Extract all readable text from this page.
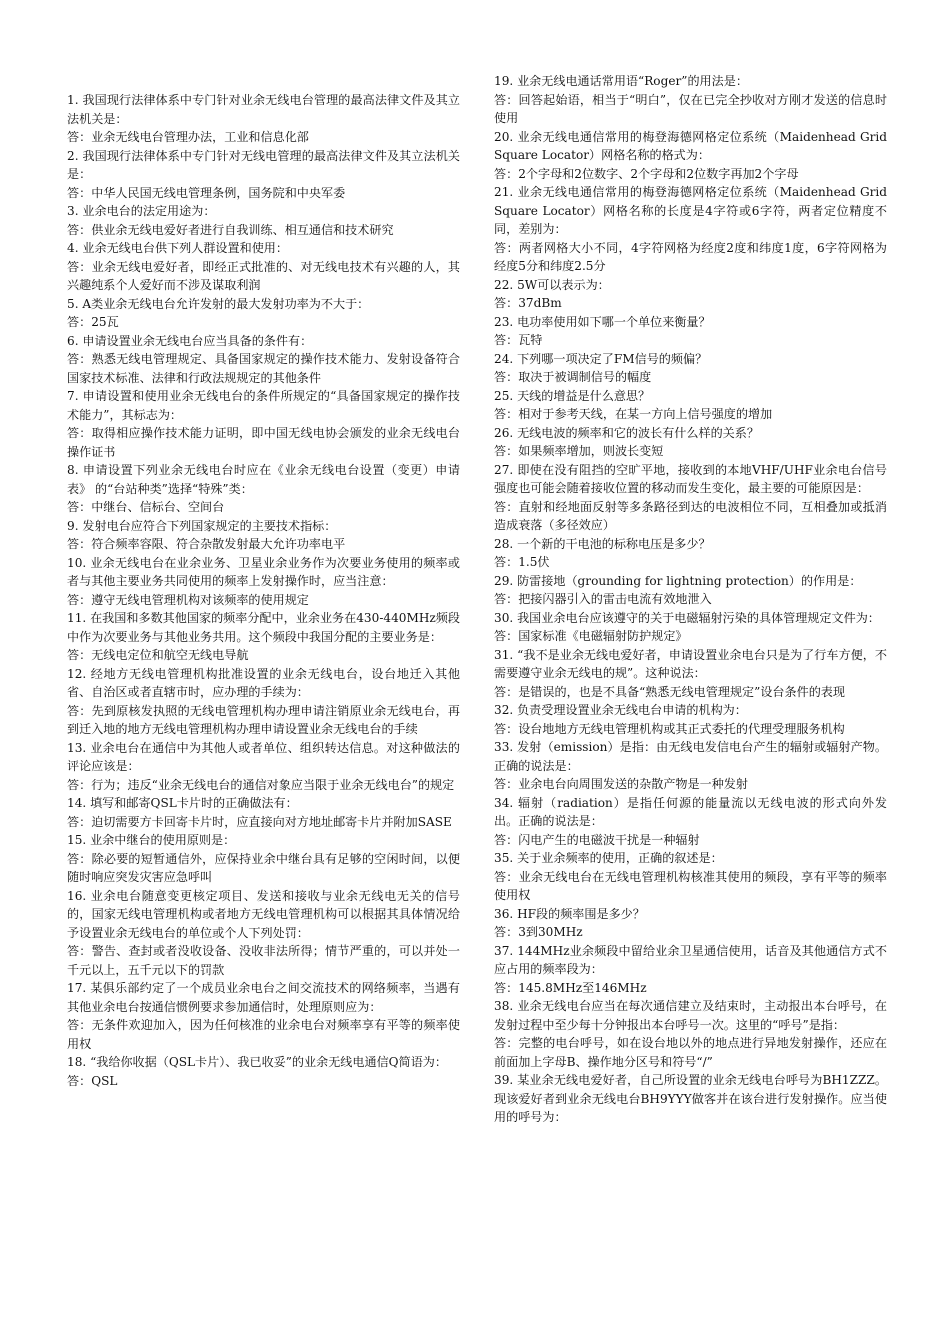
1. 我国现行法律体系中专门针对业余无线电台管理的最高法律文件及其立法机关是：

答：业余无线电台管理办法，工业和信息化部

2. 我国现行法律体系中专门针对无线电管理的最高法律文件及其立法机关是：

答：中华人民国无线电管理条例，国务院和中央军委

3. 业余电台的法定用途为：

答：供业余无线电爱好者进行自我训练、相互通信和技术研究

4. 业余无线电台供下列人群设置和使用：

答：业余无线电爱好者，即经正式批准的、对无线电技术有兴趣的人，其兴趣纯系个人爱好而不涉及谋取利润

5. A类业余无线电台允许发射的最大发射功率为不大于：

答：25瓦

6. 申请设置业余无线电台应当具备的条件有：

答：熟悉无线电管理规定、具备国家规定的操作技术能力、发射设备符合国家技术标准、法律和行政法规规定的其他条件

7. 申请设置和使用业余无线电台的条件所规定的“具备国家规定的操作技术能力”，其标志为：

答：取得相应操作技术能力证明，即中国无线电协会颁发的业余无线电台操作证书

8. 申请设置下列业余无线电台时应在《业余无线电台设置（变更）申请表》 的“台站种类”选择“特殊”类：

答：中继台、信标台、空间台

9. 发射电台应符合下列国家规定的主要技术指标：

答：符合频率容限、符合杂散发射最大允许功率电平

10. 业余无线电台在业余业务、卫星业余业务作为次要业务使用的频率或者与其他主要业务共同使用的频率上发射操作时，应当注意：

答：遵守无线电管理机构对该频率的使用规定

11. 在我国和多数其他国家的频率分配中，业余业务在430-440MHz频段中作为次要业务与其他业务共用。这个频段中我国分配的主要业务是：

答：无线电定位和航空无线电导航

12. 经地方无线电管理机构批准设置的业余无线电台，设台地迁入其他省、自治区或者直辖市时，应办理的手续为：

答：先到原核发执照的无线电管理机构办理申请注销原业余无线电台，再到迁入地的地方无线电管理机构办理申请设置业余无线电台的手续

13. 业余电台在通信中为其他人或者单位、组织转达信息。对这种做法的评论应该是：

答：行为；违反“业余无线电台的通信对象应当限于业余无线电台”的规定

14. 填写和邮寄QSL卡片时的正确做法有：

答：迫切需要方卡回寄卡片时，应直接向对方地址邮寄卡片并附加SASE

15. 业余中继台的使用原则是：

答：除必要的短暂通信外，应保持业余中继台具有足够的空闲时间，以便随时响应突发灾害应急呼叫

16. 业余电台随意变更核定项目、发送和接收与业余无线电无关的信号的，国家无线电管理机构或者地方无线电管理机构可以根据其具体情况给予设置业余无线电台的单位或个人下列处罚：

答：警告、查封或者没收设备、没收非法所得；情节严重的，可以并处一千元以上，五千元以下的罚款

17. 某俱乐部约定了一个成员业余电台之间交流技术的网络频率，当遇有其他业余电台按通信惯例要求参加通信时，处理原则应为：

答：无条件欢迎加入，因为任何核准的业余电台对频率享有平等的频率使用权

18. “我给你收据（QSL卡片）、我已收妥”的业余无线电通信Q简语为：

答：QSL

19. 业余无线电通话常用语“Roger”的用法是：

答：回答起始语，相当于“明白”，仅在已完全抄收对方刚才发送的信息时使用

20. 业余无线电通信常用的梅登海德网格定位系统（Maidenhead Grid Square Locator）网格名称的格式为：

答：2个字母和2位数字、2个字母和2位数字再加2个字母

21. 业余无线电通信常用的梅登海德网格定位系统（Maidenhead Grid Square Locator）网格名称的长度是4字符或6字符，两者定位精度不同，差别为：

答：两者网格大小不同，4字符网格为经度2度和纬度1度，6字符网格为经度5分和纬度2.5分

22. 5W可以表示为：

答：37dBm

23. 电功率使用如下哪一个单位来衡量？

答：瓦特

24. 下列哪一项决定了FM信号的频偏？

答：取决于被调制信号的幅度

25. 天线的增益是什么意思？

答：相对于参考天线，在某一方向上信号强度的增加

26. 无线电波的频率和它的波长有什么样的关系？

答：如果频率增加，则波长变短

27. 即使在没有阻挡的空旷平地，接收到的本地VHF/UHF业余电台信号强度也可能会随着接收位置的移动而发生变化，最主要的可能原因是：

答：直射和经地面反射等多条路径到达的电波相位不同，互相叠加或抵消造成衰落（多径效应）

28. 一个新的干电池的标称电压是多少？

答：1.5伏

29. 防雷接地（grounding for lightning protection）的作用是：

答：把接闪器引入的雷击电流有效地泄入

30. 我国业余电台应该遵守的关于电磁辐射污染的具体管理规定文件为：

答：国家标准《电磁辐射防护规定》

31. “我不是业余无线电爱好者，申请设置业余电台只是为了行车方便，不需要遵守业余无线电的规”。这种说法：

答：是错误的，也是不具备“熟悉无线电管理规定”设台条件的表现

32. 负责受理设置业余无线电台申请的机构为：

答：设台地地方无线电管理机构或其正式委托的代理受理服务机构

33. 发射（emission）是指：由无线电发信电台产生的辐射或辐射产物。正确的说法是：

答：业余电台向周围发送的杂散产物是一种发射

34. 辐射（radiation）是指任何源的能量流以无线电波的形式向外发出。正确的说法是：

答：闪电产生的电磁波干扰是一种辐射

35. 关于业余频率的使用，正确的叙述是：

答：业余无线电台在无线电管理机构核准其使用的频段，享有平等的频率使用权

36. HF段的频率围是多少？

答：3到30MHz

37. 144MHz业余频段中留给业余卫星通信使用，话音及其他通信方式不应占用的频率段为：

答：145.8MHz至146MHz

38. 业余无线电台应当在每次通信建立及结束时，主动报出本台呼号，在发射过程中至少每十分钟报出本台呼号一次。这里的“呼号”是指：

答：完整的电台呼号，如在设台地以外的地点进行异地发射操作，还应在前面加上字母B、操作地分区号和符号“/”

39. 某业余无线电爱好者，自己所设置的业余无线电台呼号为BH1ZZZ。现该爱好者到业余无线电台BH9YYY做客并在该台进行发射操作。应当使用的呼号为：
